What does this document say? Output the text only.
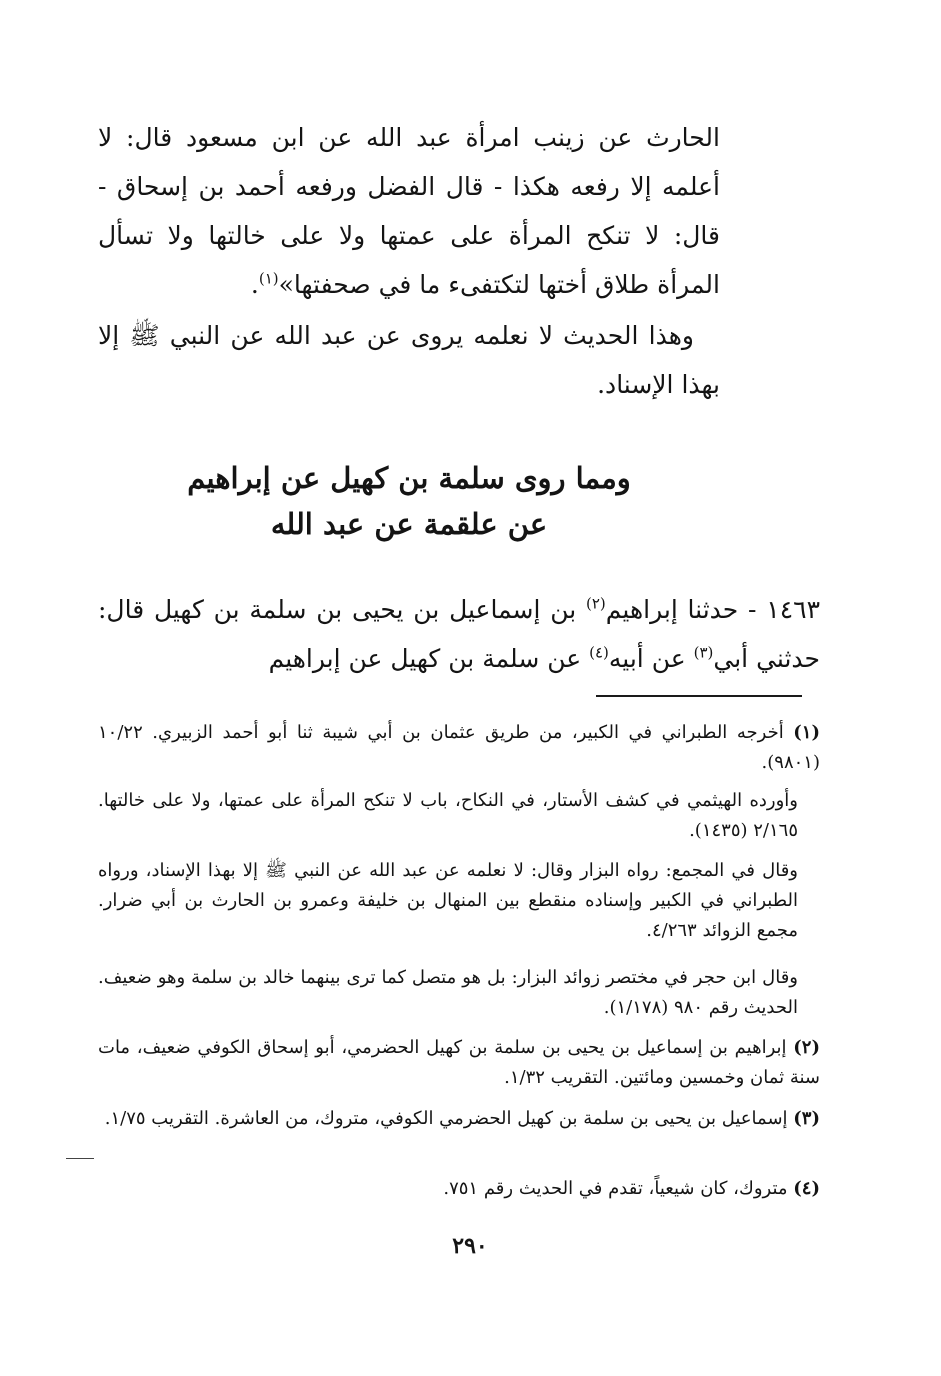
الحارث عن زينب امرأة عبد الله عن ابن مسعود قال: لا أعلمه إلا رفعه هكذا - قال الفضل ورفعه أحمد بن إسحاق - قال: لا تنكح المرأة على عمتها ولا على خالتها ولا تسأل المرأة طلاق أختها لتكتفىء ما في صحفتها»$^{(١)}$.

وهذا الحديث لا نعلمه يروى عن عبد الله عن النبي ﷺ إلا بهذا الإسناد.

ومما روى سلمة بن كهيل عن إبراهيم
عن علقمة عن عبد الله

١٤٦٣ - حدثنا إبراهيم$^{(٢)}$ بن إسماعيل بن يحيى بن سلمة بن كهيل قال: حدثني أبي$^{(٣)}$ عن أبيه$^{(٤)}$ عن سلمة بن كهيل عن إبراهيم

(١) أخرجه الطبراني في الكبير، من طريق عثمان بن أبي شيبة ثنا أبو أحمد الزبيري. ١٠/٢٢ (٩٨٠١).

وأورده الهيثمي في كشف الأستار، في النكاح، باب لا تنكح المرأة على عمتها، ولا على خالتها. ٢/١٦٥ (١٤٣٥).

وقال في المجمع: رواه البزار وقال: لا نعلمه عن عبد الله عن النبي ﷺ إلا بهذا الإسناد، ورواه الطبراني في الكبير وإسناده منقطع بين المنهال بن خليفة وعمرو بن الحارث بن أبي ضرار. مجمع الزوائد ٤/٢٦٣.

وقال ابن حجر في مختصر زوائد البزار: بل هو متصل كما ترى بينهما خالد بن سلمة وهو ضعيف. الحديث رقم ٩٨٠ (١/١٧٨).

(٢) إبراهيم بن إسماعيل بن يحيى بن سلمة بن كهيل الحضرمي، أبو إسحاق الكوفي ضعيف، مات سنة ثمان وخمسين ومائتين. التقريب ١/٣٢.

(٣) إسماعيل بن يحيى بن سلمة بن كهيل الحضرمي الكوفي، متروك، من العاشرة. التقريب ١/٧٥.

(٤) متروك، كان شيعياً، تقدم في الحديث رقم ٧٥١.

٢٩٠
